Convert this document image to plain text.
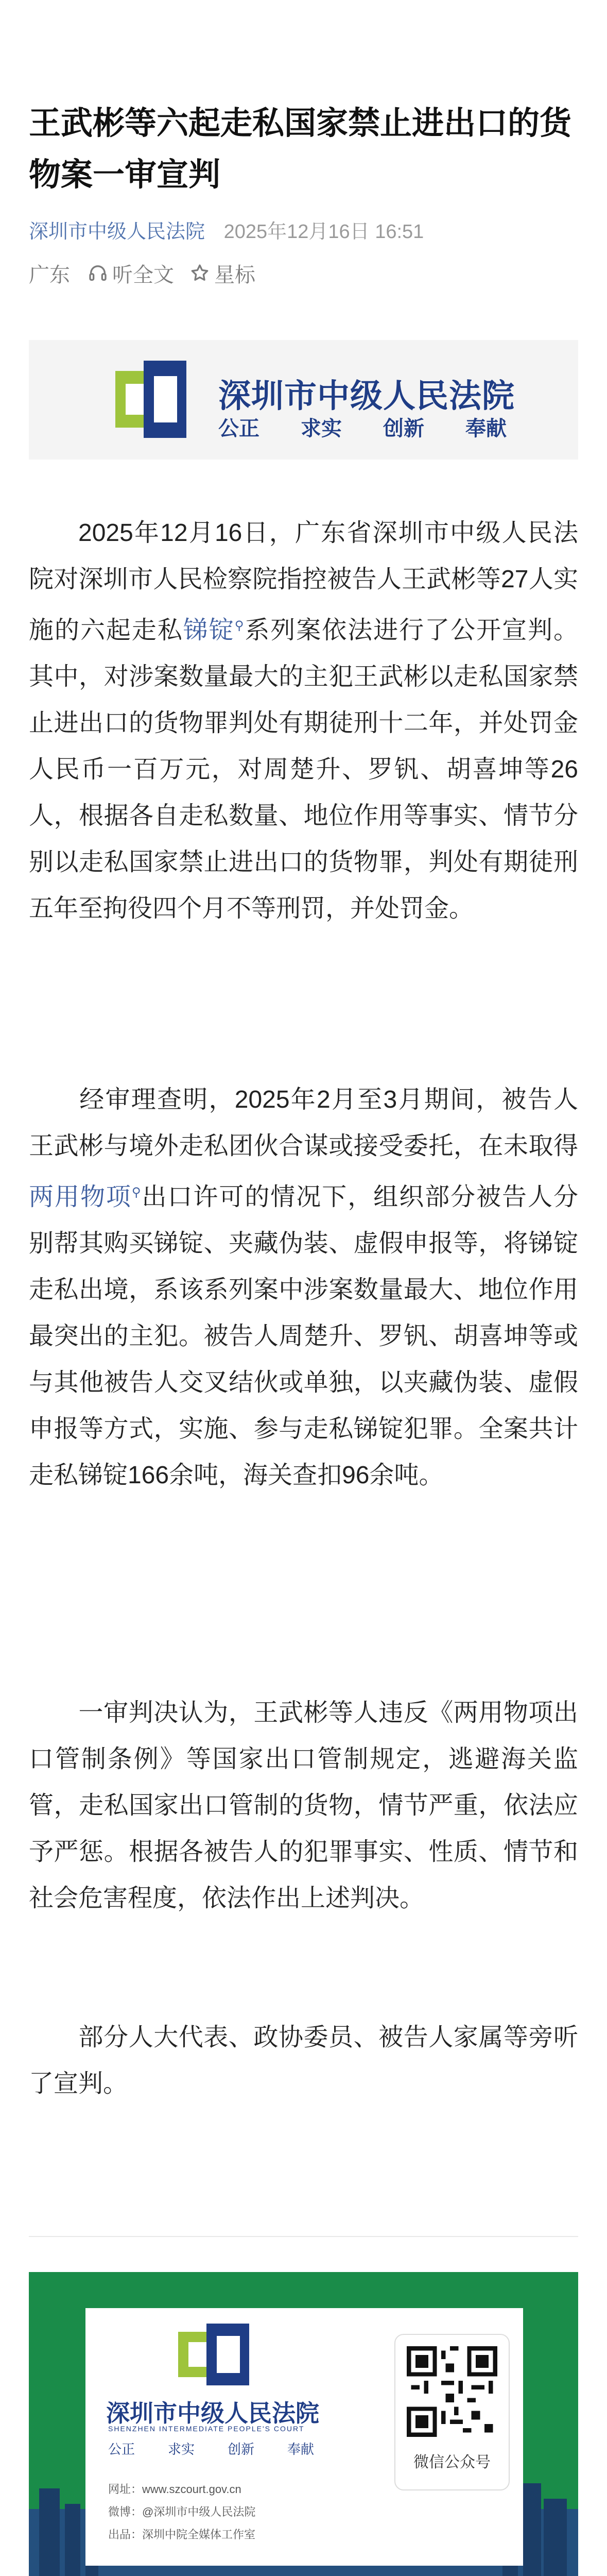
王武彬等六起走私国家禁止进出口的货物案一审宣判
深圳市中级人民法院 2025年12月16日 16:51
广东 听全文 星标
深圳市中级人民法院
公正 求实 创新 奉献

2025年12月16日，广东省深圳市中级人民法院对深圳市人民检察院指控被告人王武彬等27人实施的六起走私锑锭⚲系列案依法进行了公开宣判。其中，对涉案数量最大的主犯王武彬以走私国家禁止进出口的货物罪判处有期徒刑十二年，并处罚金人民币一百万元，对周楚升、罗钒、胡喜坤等26人，根据各自走私数量、地位作用等事实、情节分别以走私国家禁止进出口的货物罪，判处有期徒刑五年至拘役四个月不等刑罚，并处罚金。

经审理查明，2025年2月至3月期间，被告人王武彬与境外走私团伙合谋或接受委托，在未取得两用物项⚲出口许可的情况下，组织部分被告人分别帮其购买锑锭、夹藏伪装、虚假申报等，将锑锭走私出境，系该系列案中涉案数量最大、地位作用最突出的主犯。被告人周楚升、罗钒、胡喜坤等或与其他被告人交叉结伙或单独，以夹藏伪装、虚假申报等方式，实施、参与走私锑锭犯罪。全案共计走私锑锭166余吨，海关查扣96余吨。

一审判决认为，王武彬等人违反《两用物项出口管制条例》等国家出口管制规定，逃避海关监管，走私国家出口管制的货物，情节严重，依法应予严惩。根据各被告人的犯罪事实、性质、情节和社会危害程度，依法作出上述判决。

部分人大代表、政协委员、被告人家属等旁听了宣判。

深圳市中级人民法院
SHENZHEN INTERMEDIATE PEOPLE'S COURT
公正 求实 创新 奉献
网址：www.szcourt.gov.cn
微博：@深圳市中级人民法院
出品：深圳中院全媒体工作室
微信公众号
